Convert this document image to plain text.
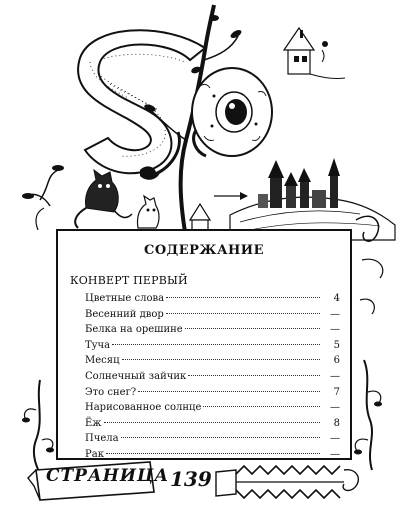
СОДЕРЖАНИЕ
КОНВЕРТ ПЕРВЫЙ
Цветные слова	4
Весенний двор	—
Белка на орешине	—
Туча	5
Месяц	6
Солнечный зайчик	—
Это снег?	7
Нарисованное солнце	—
Ёж	8
Пчела	—
Рак	—
СТРАНИЦА 139
